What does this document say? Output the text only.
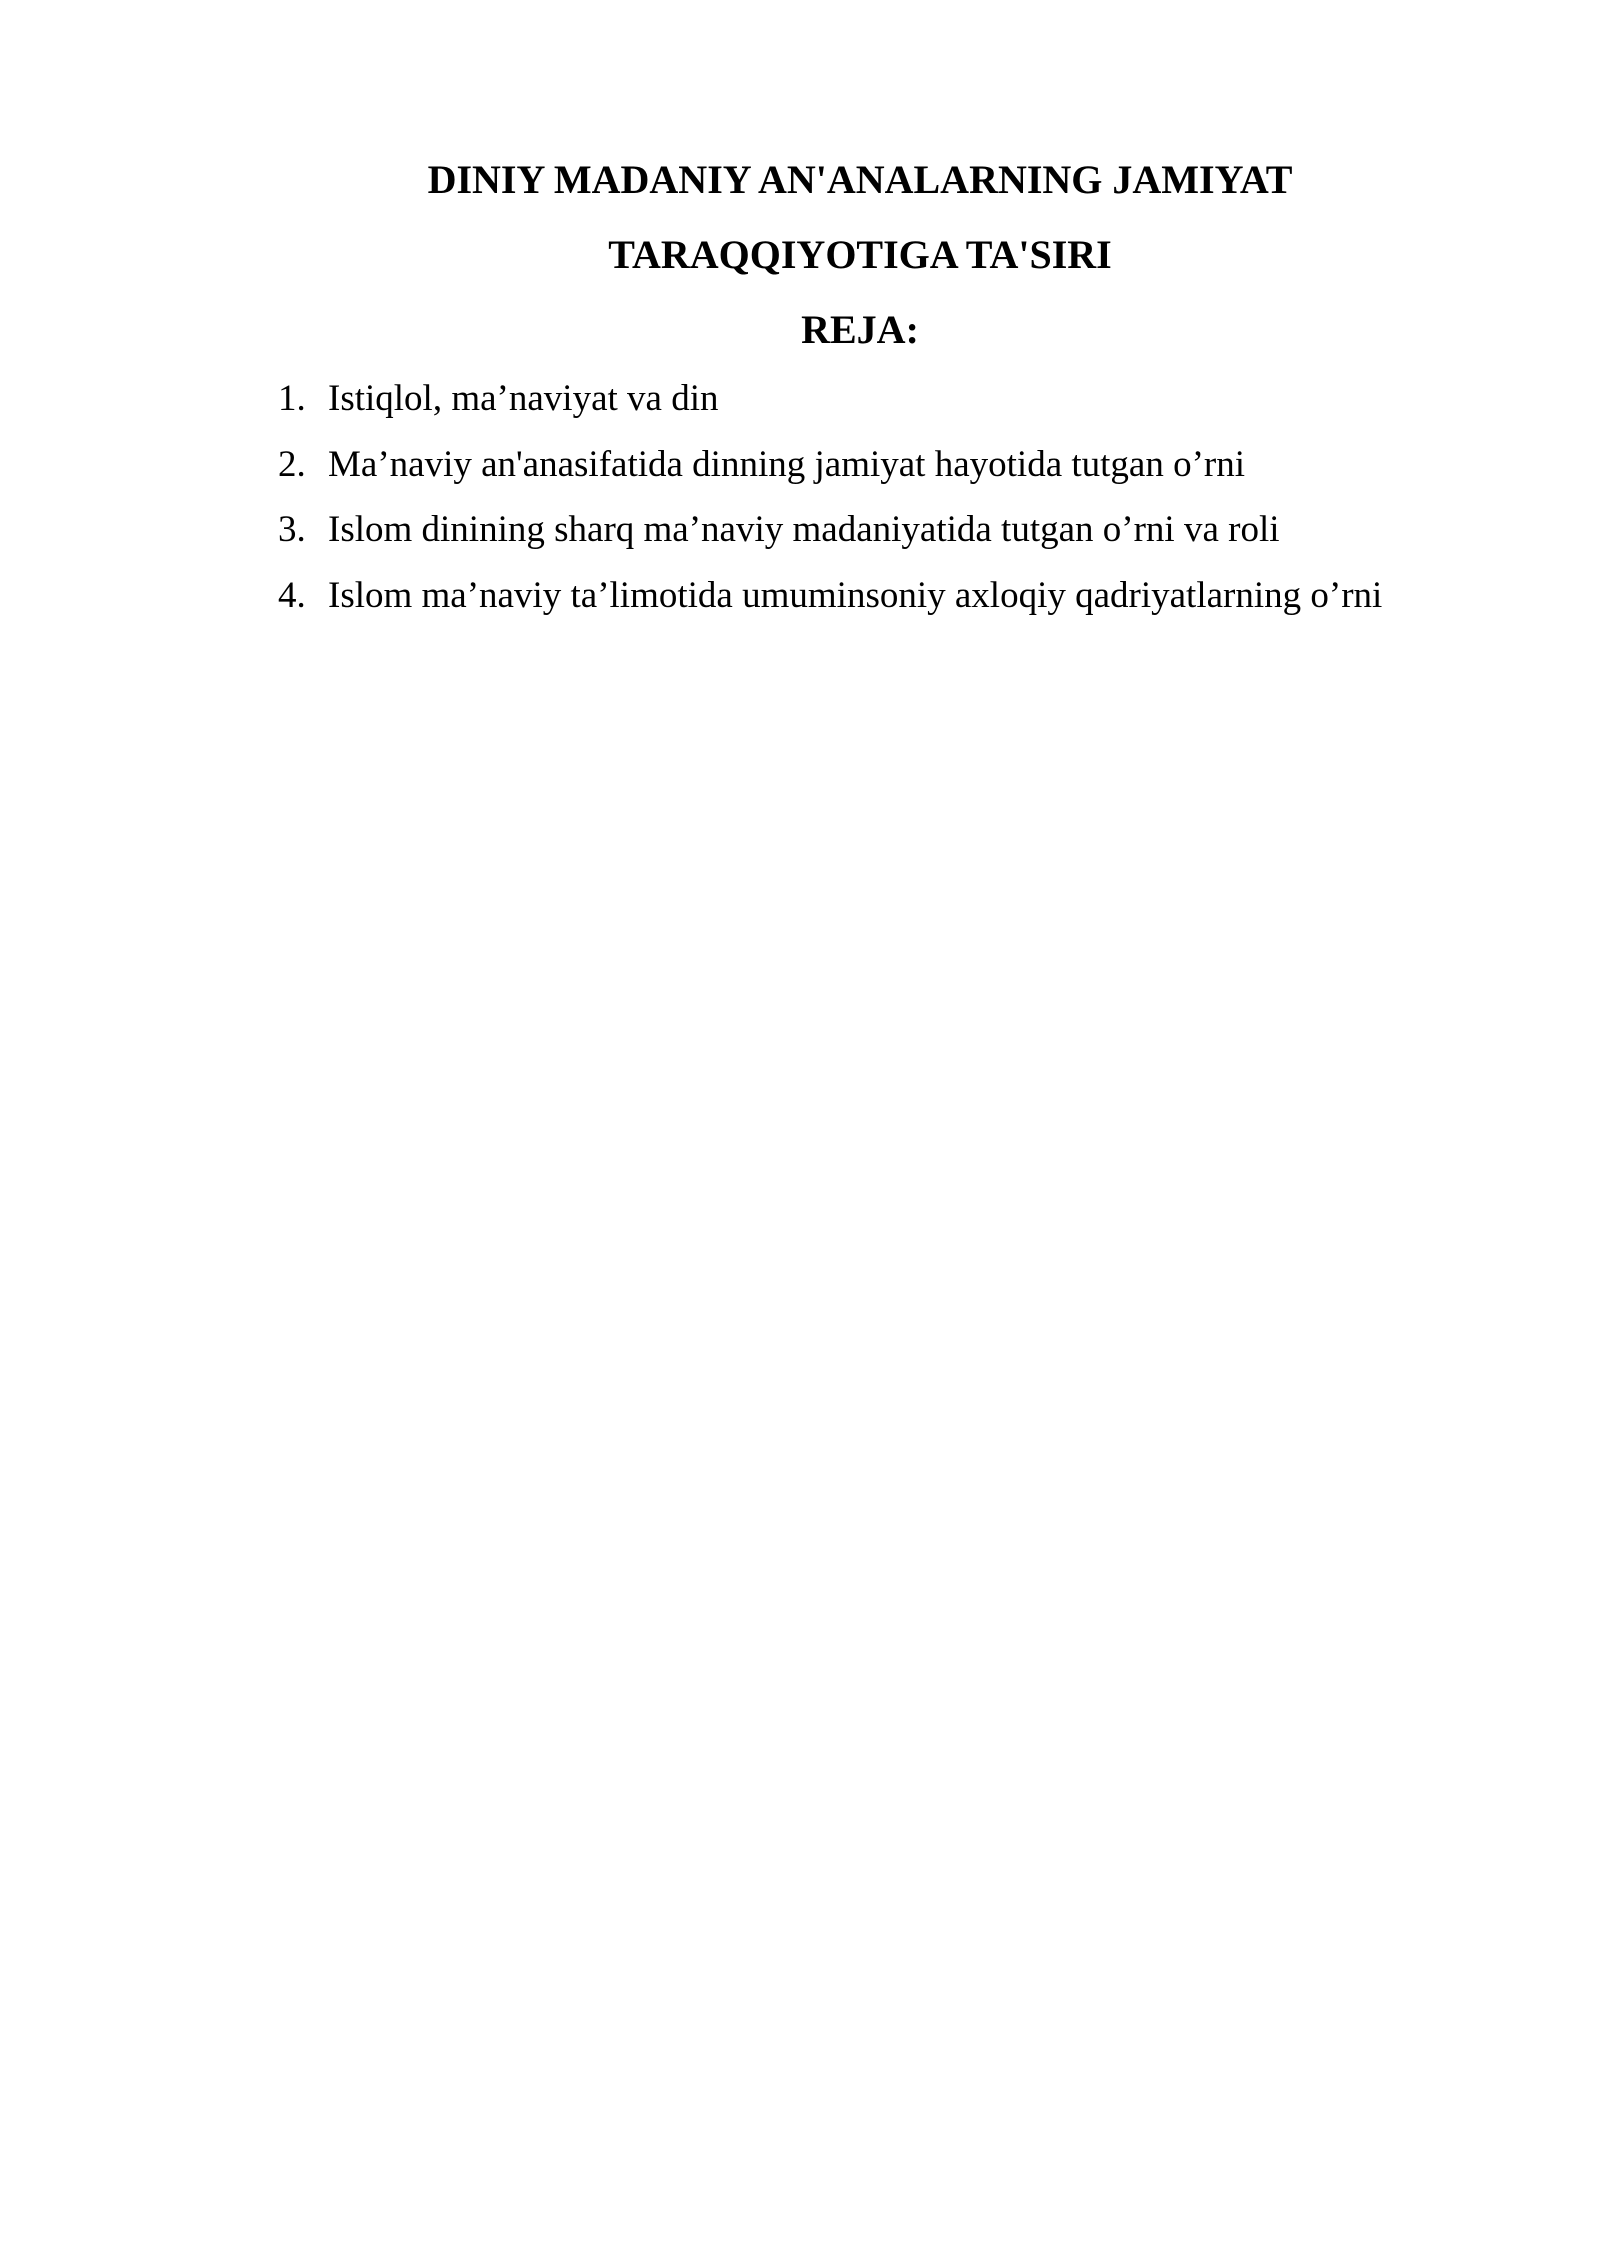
DINIY MADANIY AN'ANALARNING JAMIYAT
TARAQQIYOTIGA TA'SIRI
REJA:
1. Istiqlol, ma’naviyat va din
2. Ma’naviy an'anasifatida dinning jamiyat hayotida tutgan o’rni
3. Islom dinining sharq ma’naviy madaniyatida tutgan o’rni va roli
4. Islom ma’naviy ta’limotida umuminsoniy axloqiy qadriyatlarning o’rni
